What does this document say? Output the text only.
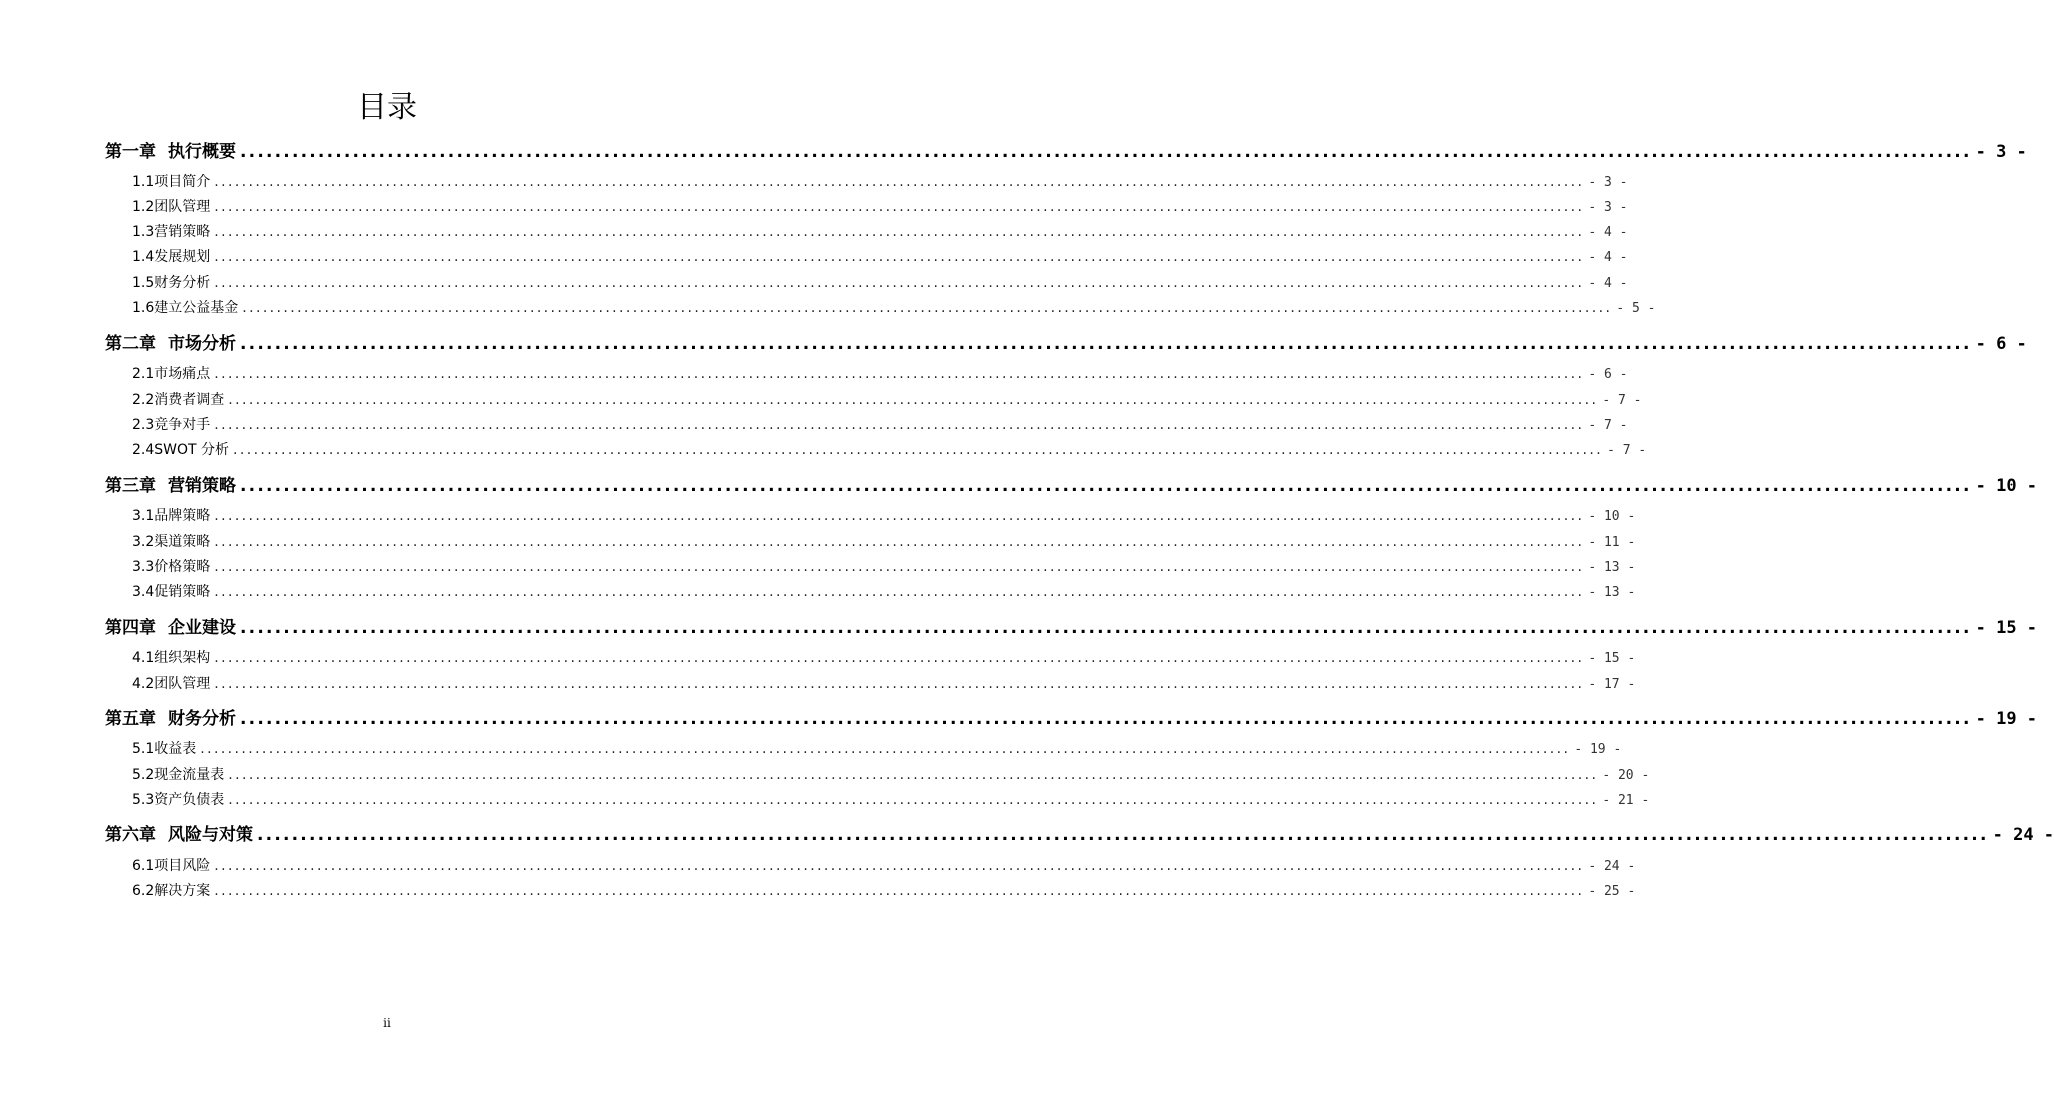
目录
第一章 执行概要 ........................................................................................................................................................................................................ - 3 -
1.1 项目简介 ........................................................................................................................................................................................................ - 3 -
1.2 团队管理 ........................................................................................................................................................................................................ - 3 -
1.3 营销策略 ........................................................................................................................................................................................................ - 4 -
1.4 发展规划 ........................................................................................................................................................................................................ - 4 -
1.5 财务分析 ........................................................................................................................................................................................................ - 4 -
1.6 建立公益基金 ........................................................................................................................................................................................................ - 5 -
第二章 市场分析 ........................................................................................................................................................................................................ - 6 -
2.1 市场痛点 ........................................................................................................................................................................................................ - 6 -
2.2 消费者调查 ........................................................................................................................................................................................................ - 7 -
2.3 竞争对手 ........................................................................................................................................................................................................ - 7 -
2.4 SWOT 分析 ........................................................................................................................................................................................................ - 7 -
第三章 营销策略 ........................................................................................................................................................................................................ - 10 -
3.1 品牌策略 ........................................................................................................................................................................................................ - 10 -
3.2 渠道策略 ........................................................................................................................................................................................................ - 11 -
3.3 价格策略 ........................................................................................................................................................................................................ - 13 -
3.4 促销策略 ........................................................................................................................................................................................................ - 13 -
第四章 企业建设 ........................................................................................................................................................................................................ - 15 -
4.1 组织架构 ........................................................................................................................................................................................................ - 15 -
4.2 团队管理 ........................................................................................................................................................................................................ - 17 -
第五章 财务分析 ........................................................................................................................................................................................................ - 19 -
5.1 收益表 ........................................................................................................................................................................................................ - 19 -
5.2 现金流量表 ........................................................................................................................................................................................................ - 20 -
5.3 资产负债表 ........................................................................................................................................................................................................ - 21 -
第六章 风险与对策 ........................................................................................................................................................................................................ - 24 -
6.1 项目风险 ........................................................................................................................................................................................................ - 24 -
6.2 解决方案 ........................................................................................................................................................................................................ - 25 -
ii
